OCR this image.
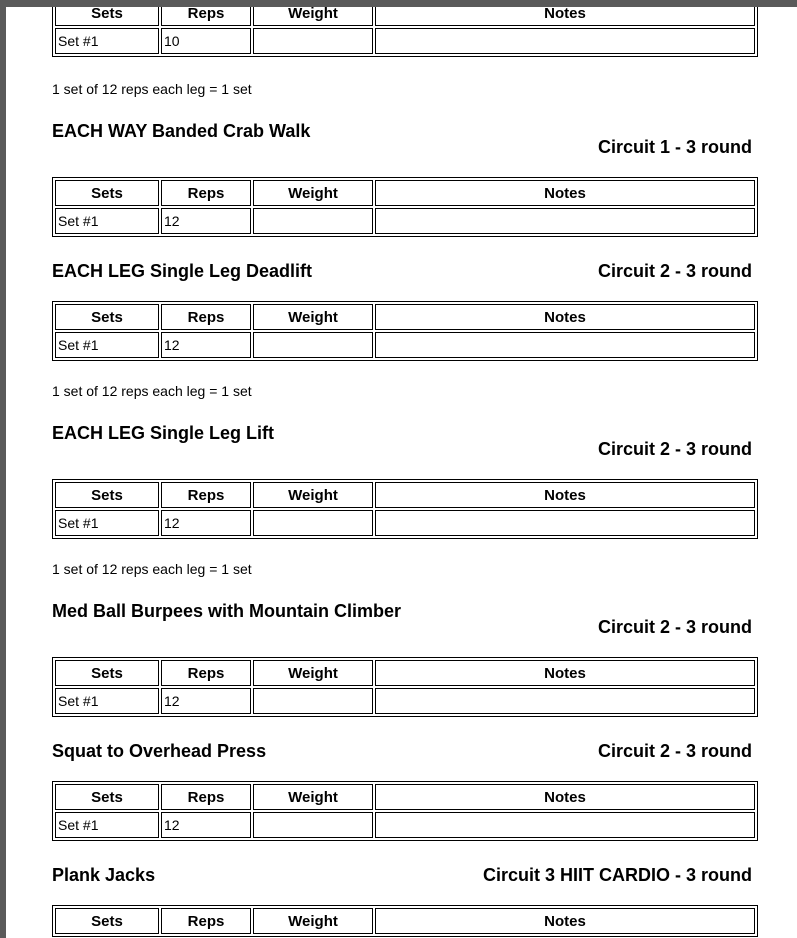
Sets	Reps	Weight	Notes
Set #1	10		
1 set of 12 reps each leg = 1 set
EACH WAY Banded Crab Walk
Circuit 1 - 3 round
Sets	Reps	Weight	Notes
Set #1	12		
EACH LEG Single Leg Deadlift	Circuit 2 - 3 round
Sets	Reps	Weight	Notes
Set #1	12		
1 set of 12 reps each leg = 1 set
EACH LEG Single Leg Lift
Circuit 2 - 3 round
Sets	Reps	Weight	Notes
Set #1	12		
1 set of 12 reps each leg = 1 set
Med Ball Burpees with Mountain Climber
Circuit 2 - 3 round
Sets	Reps	Weight	Notes
Set #1	12		
Squat to Overhead Press	Circuit 2 - 3 round
Sets	Reps	Weight	Notes
Set #1	12		
Plank Jacks	Circuit 3 HIIT CARDIO - 3 round
Sets	Reps	Weight	Notes
